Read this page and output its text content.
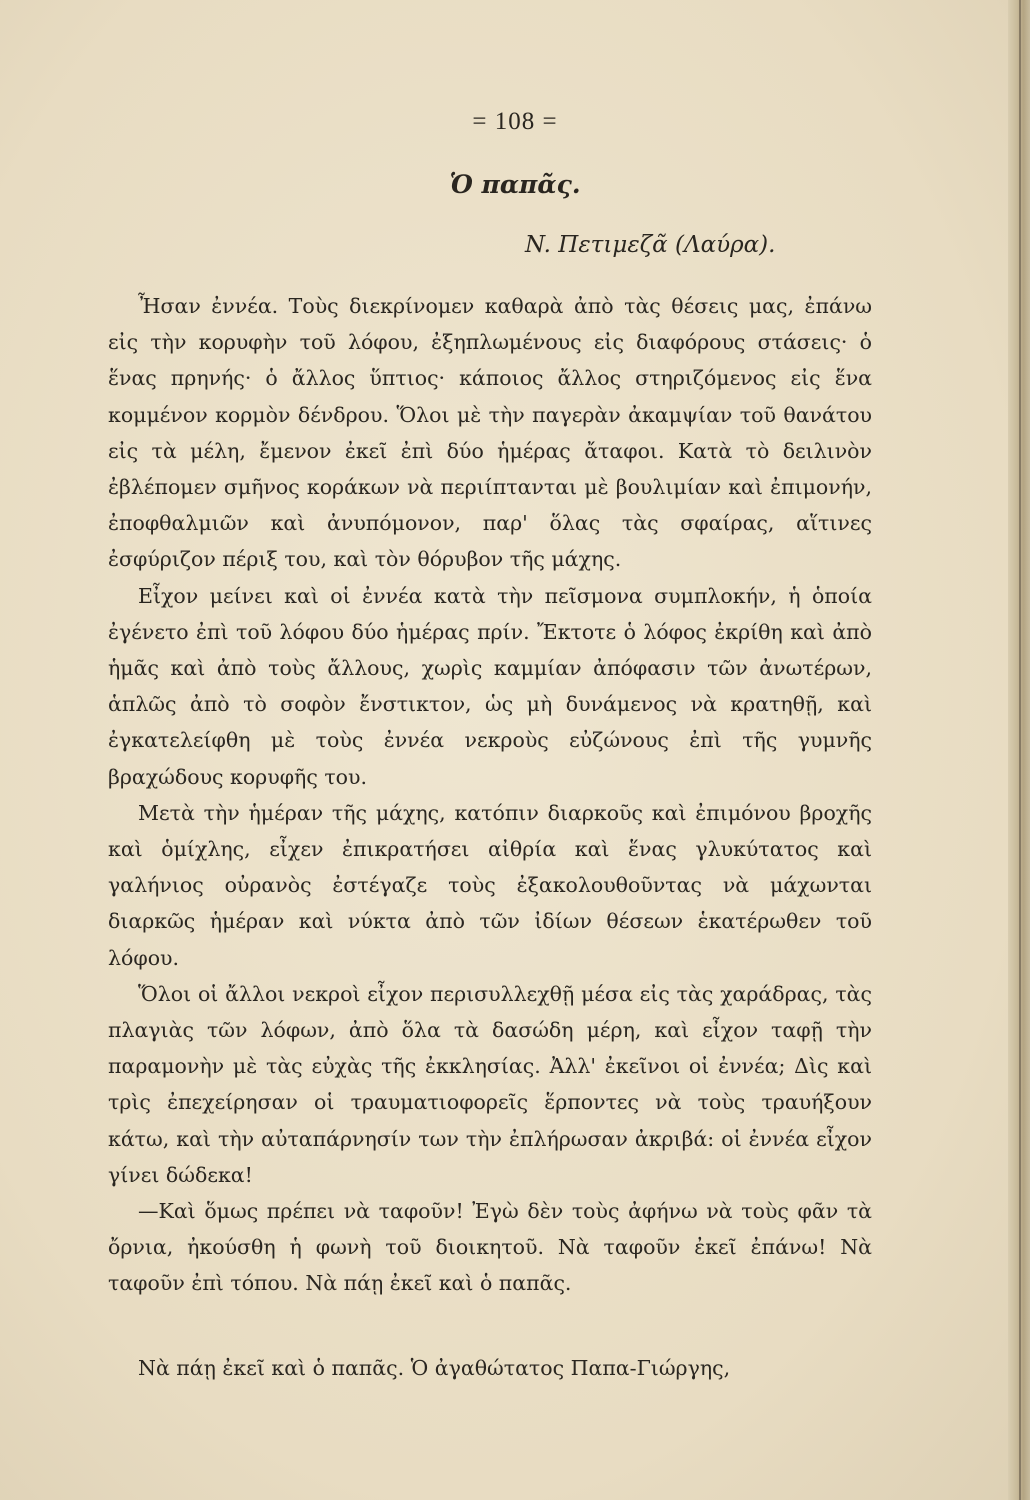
= 108 =
Ὁ παπᾶς.
N. Πετιμεζᾶ (Λαύρα).

Ἦσαν ἐννέα. Τοὺς διεκρίνομεν καθαρὰ ἀπὸ τὰς θέσεις μας, ἐπάνω εἰς τὴν κορυφὴν τοῦ λόφου, ἐξηπλωμένους εἰς διαφόρους στάσεις· ὁ ἕνας πρηνής· ὁ ἄλλος ὕπτιος· κάποιος ἄλλος στηριζόμενος εἰς ἕνα κομμένον κορμὸν δένδρου. Ὅλοι μὲ τὴν παγερὰν ἀκαμψίαν τοῦ θανάτου εἰς τὰ μέλη, ἔμενον ἐκεῖ ἐπὶ δύο ἡμέρας ἄταφοι. Κατὰ τὸ δειλινὸν ἐβλέπομεν σμῆνος κοράκων νὰ περιίπτανται μὲ βουλιμίαν καὶ ἐπιμονήν, ἐποφθαλμιῶν καὶ ἀνυπόμονον, παρ' ὅλας τὰς σφαίρας, αἵτινες ἐσφύριζον πέριξ του, καὶ τὸν θόρυβον τῆς μάχης.

Εἶχον μείνει καὶ οἱ ἐννέα κατὰ τὴν πεῖσμονα συμπλοκήν, ἡ ὁποία ἐγένετο ἐπὶ τοῦ λόφου δύο ἡμέρας πρίν. Ἔκτοτε ὁ λόφος ἐκρίθη καὶ ἀπὸ ἡμᾶς καὶ ἀπὸ τοὺς ἄλλους, χωρὶς καμμίαν ἀπόφασιν τῶν ἀνωτέρων, ἁπλῶς ἀπὸ τὸ σοφὸν ἔνστικτον, ὡς μὴ δυνάμενος νὰ κρατηθῇ, καὶ ἐγκατελείφθη μὲ τοὺς ἐννέα νεκροὺς εὐζώνους ἐπὶ τῆς γυμνῆς βραχώδους κορυφῆς του.

Μετὰ τὴν ἡμέραν τῆς μάχης, κατόπιν διαρκοῦς καὶ ἐπιμόνου βροχῆς καὶ ὁμίχλης, εἶχεν ἐπικρατήσει αἰθρία καὶ ἕνας γλυκύτατος καὶ γαλήνιος οὐρανὸς ἐστέγαζε τοὺς ἐξακολουθοῦντας νὰ μάχωνται διαρκῶς ἡμέραν καὶ νύκτα ἀπὸ τῶν ἰδίων θέσεων ἑκατέρωθεν τοῦ λόφου.

Ὅλοι οἱ ἄλλοι νεκροὶ εἶχον περισυλλεχθῇ μέσα εἰς τὰς χαράδρας, τὰς πλαγιὰς τῶν λόφων, ἀπὸ ὅλα τὰ δασώδη μέρη, καὶ εἶχον ταφῇ τὴν παραμονὴν μὲ τὰς εὐχὰς τῆς ἐκκλησίας. Ἀλλ' ἐκεῖνοι οἱ ἐννέα; Δὶς καὶ τρὶς ἐπεχείρησαν οἱ τραυματιοφορεῖς ἕρποντες νὰ τοὺς τραυήξουν κάτω, καὶ τὴν αὐταπάρνησίν των τὴν ἐπλήρωσαν ἀκριβά: οἱ ἐννέα εἶχον γίνει δώδεκα!

—Καὶ ὅμως πρέπει νὰ ταφοῦν! Ἐγὼ δὲν τοὺς ἀφήνω νὰ τοὺς φᾶν τὰ ὄρνια, ἠκούσθη ἡ φωνὴ τοῦ διοικητοῦ. Νὰ ταφοῦν ἐκεῖ ἐπάνω! Νὰ ταφοῦν ἐπὶ τόπου. Νὰ πάῃ ἐκεῖ καὶ ὁ παπᾶς.

Νὰ πάῃ ἐκεῖ καὶ ὁ παπᾶς. Ὁ ἀγαθώτατος Παπα-Γιώργης,
